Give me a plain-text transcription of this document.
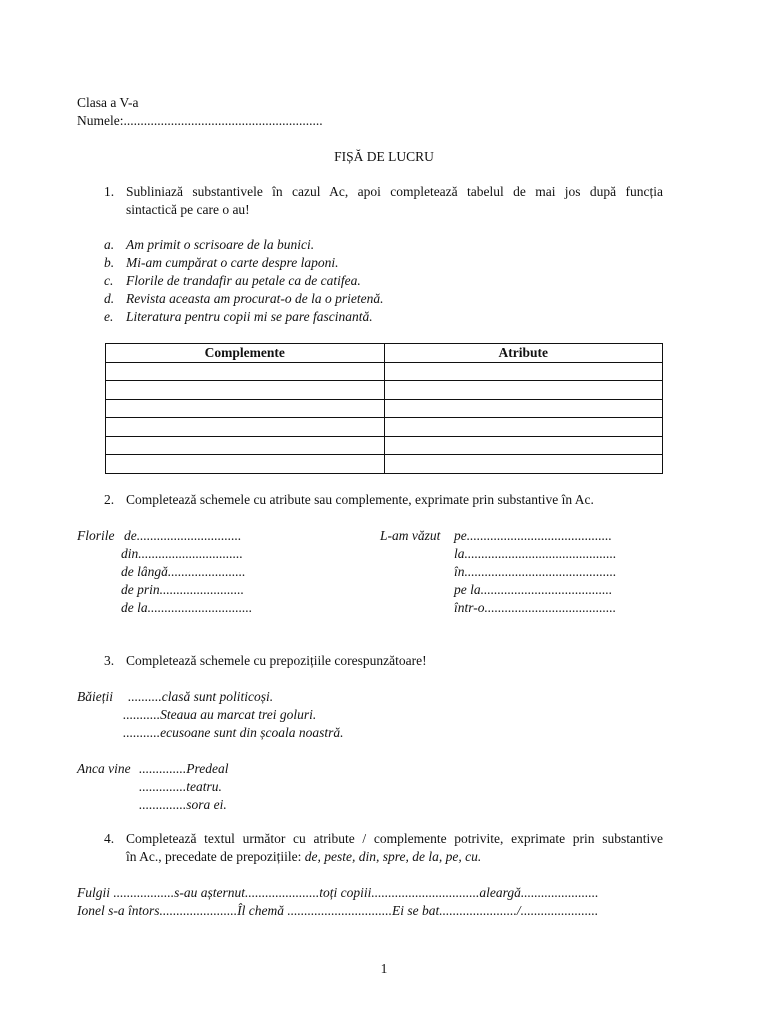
Clasa a V-a
Numele:...........................................................
FIȘĂ DE LUCRU
1. Subliniază substantivele în cazul Ac, apoi completează tabelul de mai jos după funcția
sintactică pe care o au!
a. Am primit o scrisoare de la bunici.
b. Mi-am cumpărat o carte despre laponi.
c. Florile de trandafir au petale ca de catifea.
d. Revista aceasta am procurat-o de la o prietenă.
e. Literatura pentru copii mi se pare fascinantă.
Complemente	Atribute

2. Completează schemele cu atribute sau complemente, exprimate prin substantive în Ac.
Florile de...............................
din...............................
de lângă.......................
de prin.........................
de la...............................
L-am văzut pe...........................................
la.............................................
în.............................................
pe la.......................................
într-o.......................................
3. Completează schemele cu prepozițiile corespunzătoare!
Băieții ..........clasă sunt politicoși.
...........Steaua au marcat trei goluri.
...........ecusoane sunt din școala noastră.
Anca vine ..............Predeal
..............teatru.
..............sora ei.
4. Completează textul următor cu atribute / complemente potrivite, exprimate prin substantive
în Ac., precedate de prepozițiile: de, peste, din, spre, de la, pe, cu.
Fulgii ..................s-au așternut......................toți copiii................................aleargă.......................
Ionel s-a întors.......................Îl chemă ...............................Ei se bat......................./.......................
1
